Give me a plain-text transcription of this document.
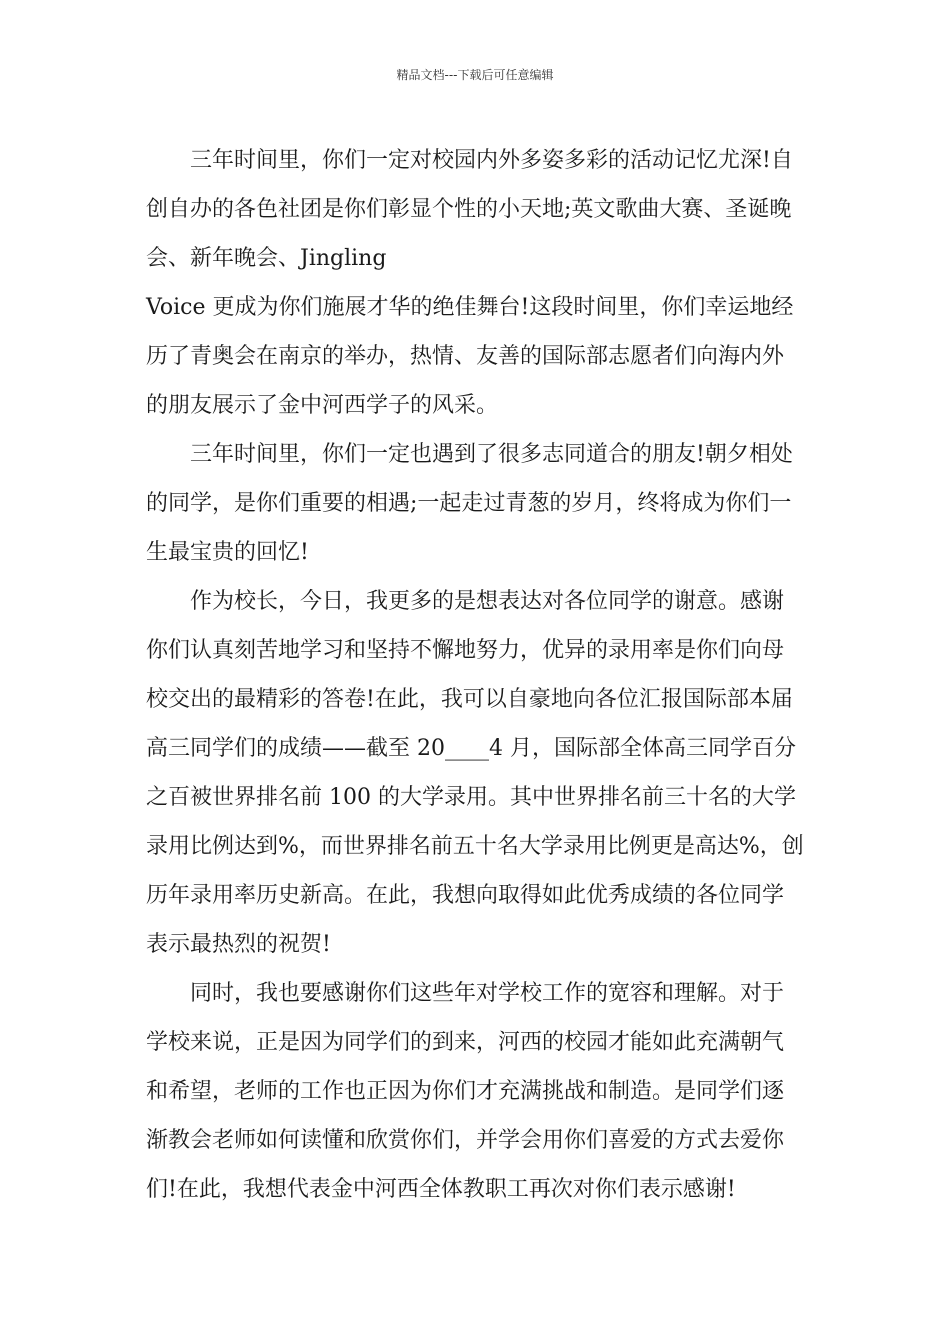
精品文档---下载后可任意编辑
三年时间里，你们一定对校园内外多姿多彩的活动记忆尤深!自
创自办的各色社团是你们彰显个性的小天地;英文歌曲大赛、圣诞晚
会、新年晚会、Jingling
Voice 更成为你们施展才华的绝佳舞台!这段时间里，你们幸运地经
历了青奥会在南京的举办，热情、友善的国际部志愿者们向海内外
的朋友展示了金中河西学子的风采。
三年时间里，你们一定也遇到了很多志同道合的朋友!朝夕相处
的同学，是你们重要的相遇;一起走过青葱的岁月，终将成为你们一
生最宝贵的回忆!
作为校长，今日，我更多的是想表达对各位同学的谢意。感谢
你们认真刻苦地学习和坚持不懈地努力，优异的录用率是你们向母
校交出的最精彩的答卷!在此，我可以自豪地向各位汇报国际部本届
高三同学们的成绩——截至 20____4 月，国际部全体高三同学百分
之百被世界排名前 100 的大学录用。其中世界排名前三十名的大学
录用比例达到%，而世界排名前五十名大学录用比例更是高达%，创
历年录用率历史新高。在此，我想向取得如此优秀成绩的各位同学
表示最热烈的祝贺!
同时，我也要感谢你们这些年对学校工作的宽容和理解。对于
学校来说，正是因为同学们的到来，河西的校园才能如此充满朝气
和希望，老师的工作也正因为你们才充满挑战和制造。是同学们逐
渐教会老师如何读懂和欣赏你们，并学会用你们喜爱的方式去爱你
们!在此，我想代表金中河西全体教职工再次对你们表示感谢!
